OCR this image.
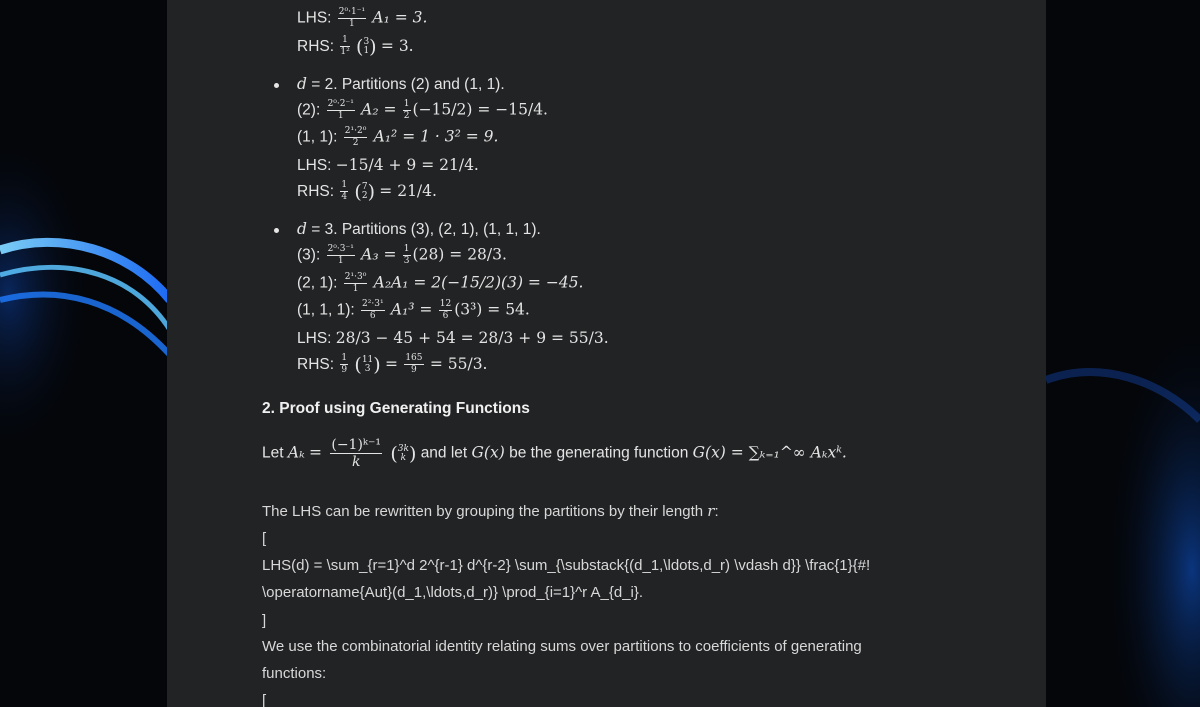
LHS: $\frac{\text{2⁰·1⁻¹}}{1} A_1 = 3$.
RHS: $\frac{1}{\text{1²}}$ ( 3
1 ) = 3.
d = 2. Partitions (2) and (1, 1).
(2): $\frac{\text{2⁰·2⁻¹}}{1} A_2 = \frac{1}{2} (-15/2) = -15/4$.
(1, 1): $\frac{\text{2¹·2⁰}}{2} A_1^2 = 1 \cdot 3^2 = 9$.
LHS: −15/4 + 9 = 21/4.
RHS: $\frac{1}{4}$ ( 7
2 ) = 21/4.
d = 3. Partitions (3), (2, 1), (1, 1, 1).
(3): $\frac{\text{2⁰·3⁻¹}}{1} A_3 = \frac{1}{3} (28) = 28/3$.
(2, 1): $\frac{\text{2¹·3⁰}}{1} A_2A_1 = 2(-15/2)(3) = -45$.
(1, 1, 1): $\frac{\text{2²·3¹}}{6} A_1^3 = \frac{12}{6} (3^3) = 54$.
LHS: 28/3 − 45 + 54 = 28/3 + 9 = 55/3.
RHS: $\frac{1}{9}$ ( 11
3 ) = $\frac{165}{9} = 55/3$.
2. Proof using Generating Functions
Let $A_k = \frac{\text{(−1)ᵏ⁻¹}}{k}$ ( 3k
k ) and let G(x) be the generating function G(x) = ∑ₖ₌₁^∞ Aₖxᵏ.
The LHS can be rewritten by grouping the partitions by their length r:
[
LHS(d) = \sum_{r=1}^d 2^{r-1} d^{r-2} \sum_{\substack{(d_1,\ldots,d_r) \vdash d}} \frac{1}{#!
\operatorname{Aut}(d_1,\ldots,d_r)} \prod_{i=1}^r A_{d_i}.
]
We use the combinatorial identity relating sums over partitions to coefficients of generating
functions:
[
